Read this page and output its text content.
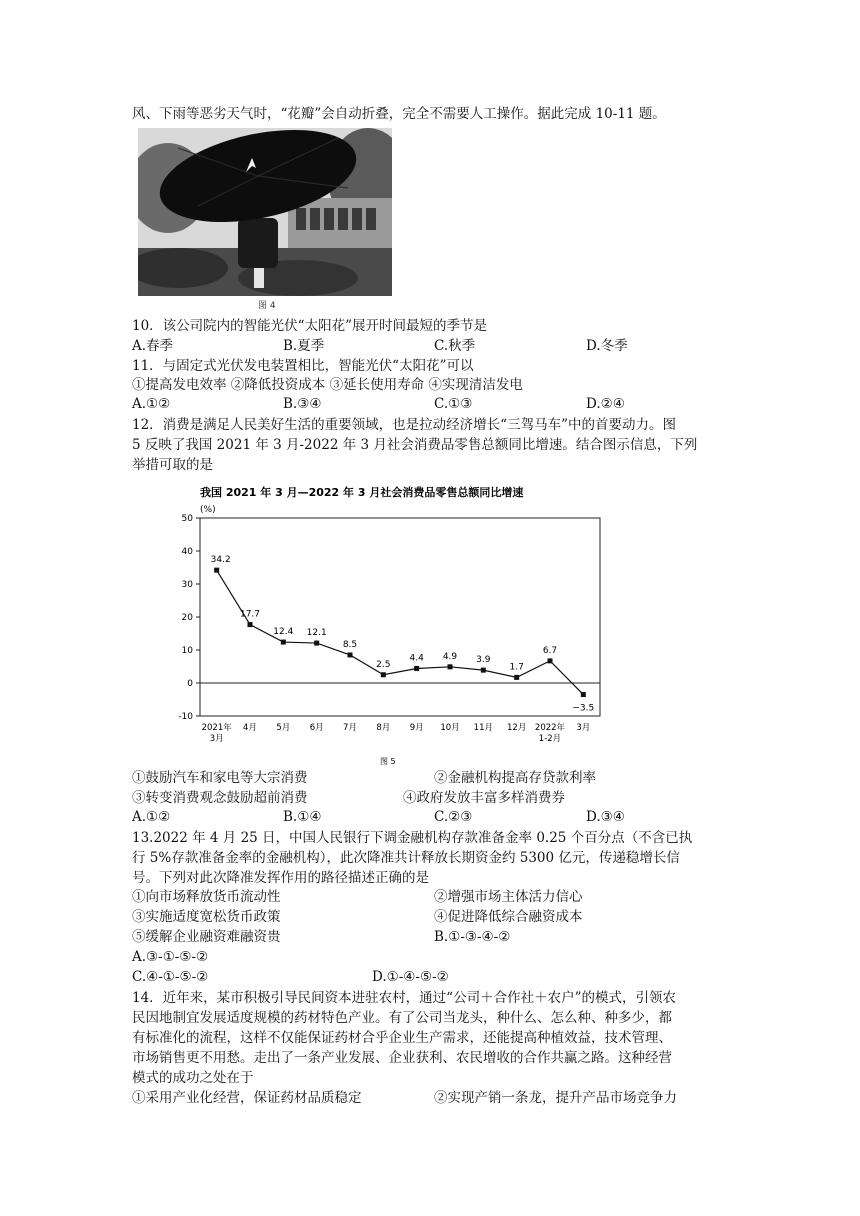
风、下雨等恶劣天气时，“花瓣”会自动折叠，完全不需要人工操作。据此完成 10-11 题。
图 4
10．该公司院内的智能光伏“太阳花”展开时间最短的季节是
A.春季	B.夏季	C.秋季	D.冬季
11．与固定式光伏发电装置相比，智能光伏“太阳花”可以
①提高发电效率 ②降低投资成本 ③延长使用寿命 ④实现清洁发电
A.①②	B.③④	C.①③	D.②④
12．消费是满足人民美好生活的重要领域，也是拉动经济增长“三驾马车”中的首要动力。图
5 反映了我国 2021 年 3 月-2022 年 3 月社会消费品零售总额同比增速。结合图示信息，下列
举措可取的是
我国 2021 年 3 月—2022 年 3 月社会消费品零售总额同比增速
(%)
-10
0
10
20
30
40
50
34.2
17.7
12.4 12.1
8.5
2.5
4.4 4.9 3.9
1.7
6.7
−3.5
2021年
3月
4月 5月 6月 7月 8月 9月 10月 11月 12月 2022年
1-2月
3月
图 5
①鼓励汽车和家电等大宗消费	②金融机构提高存贷款利率
③转变消费观念鼓励超前消费	④政府发放丰富多样消费券
A.①②	B.①④	C.②③	D.③④
13.2022 年 4 月 25 日，中国人民银行下调金融机构存款准备金率 0.25 个百分点（不含已执
行 5%存款准备金率的金融机构），此次降准共计释放长期资金约 5300 亿元，传递稳增长信
号。下列对此次降准发挥作用的路径描述正确的是
①向市场释放货币流动性	②增强市场主体活力信心
③实施适度宽松货币政策	④促进降低综合融资成本
⑤缓解企业融资难融资贵	B.①-③-④-②
A.③-①-⑤-②
C.④-①-⑤-②	D.①-④-⑤-②
14．近年来，某市积极引导民间资本进驻农村，通过“公司＋合作社＋农户”的模式，引领农
民因地制宜发展适度规模的药材特色产业。有了公司当龙头，种什么、怎么种、种多少，都
有标准化的流程，这样不仅能保证药材合乎企业生产需求，还能提高种植效益，技术管理、
市场销售更不用愁。走出了一条产业发展、企业获利、农民增收的合作共赢之路。这种经营
模式的成功之处在于
①采用产业化经营，保证药材品质稳定	②实现产销一条龙，提升产品市场竞争力
